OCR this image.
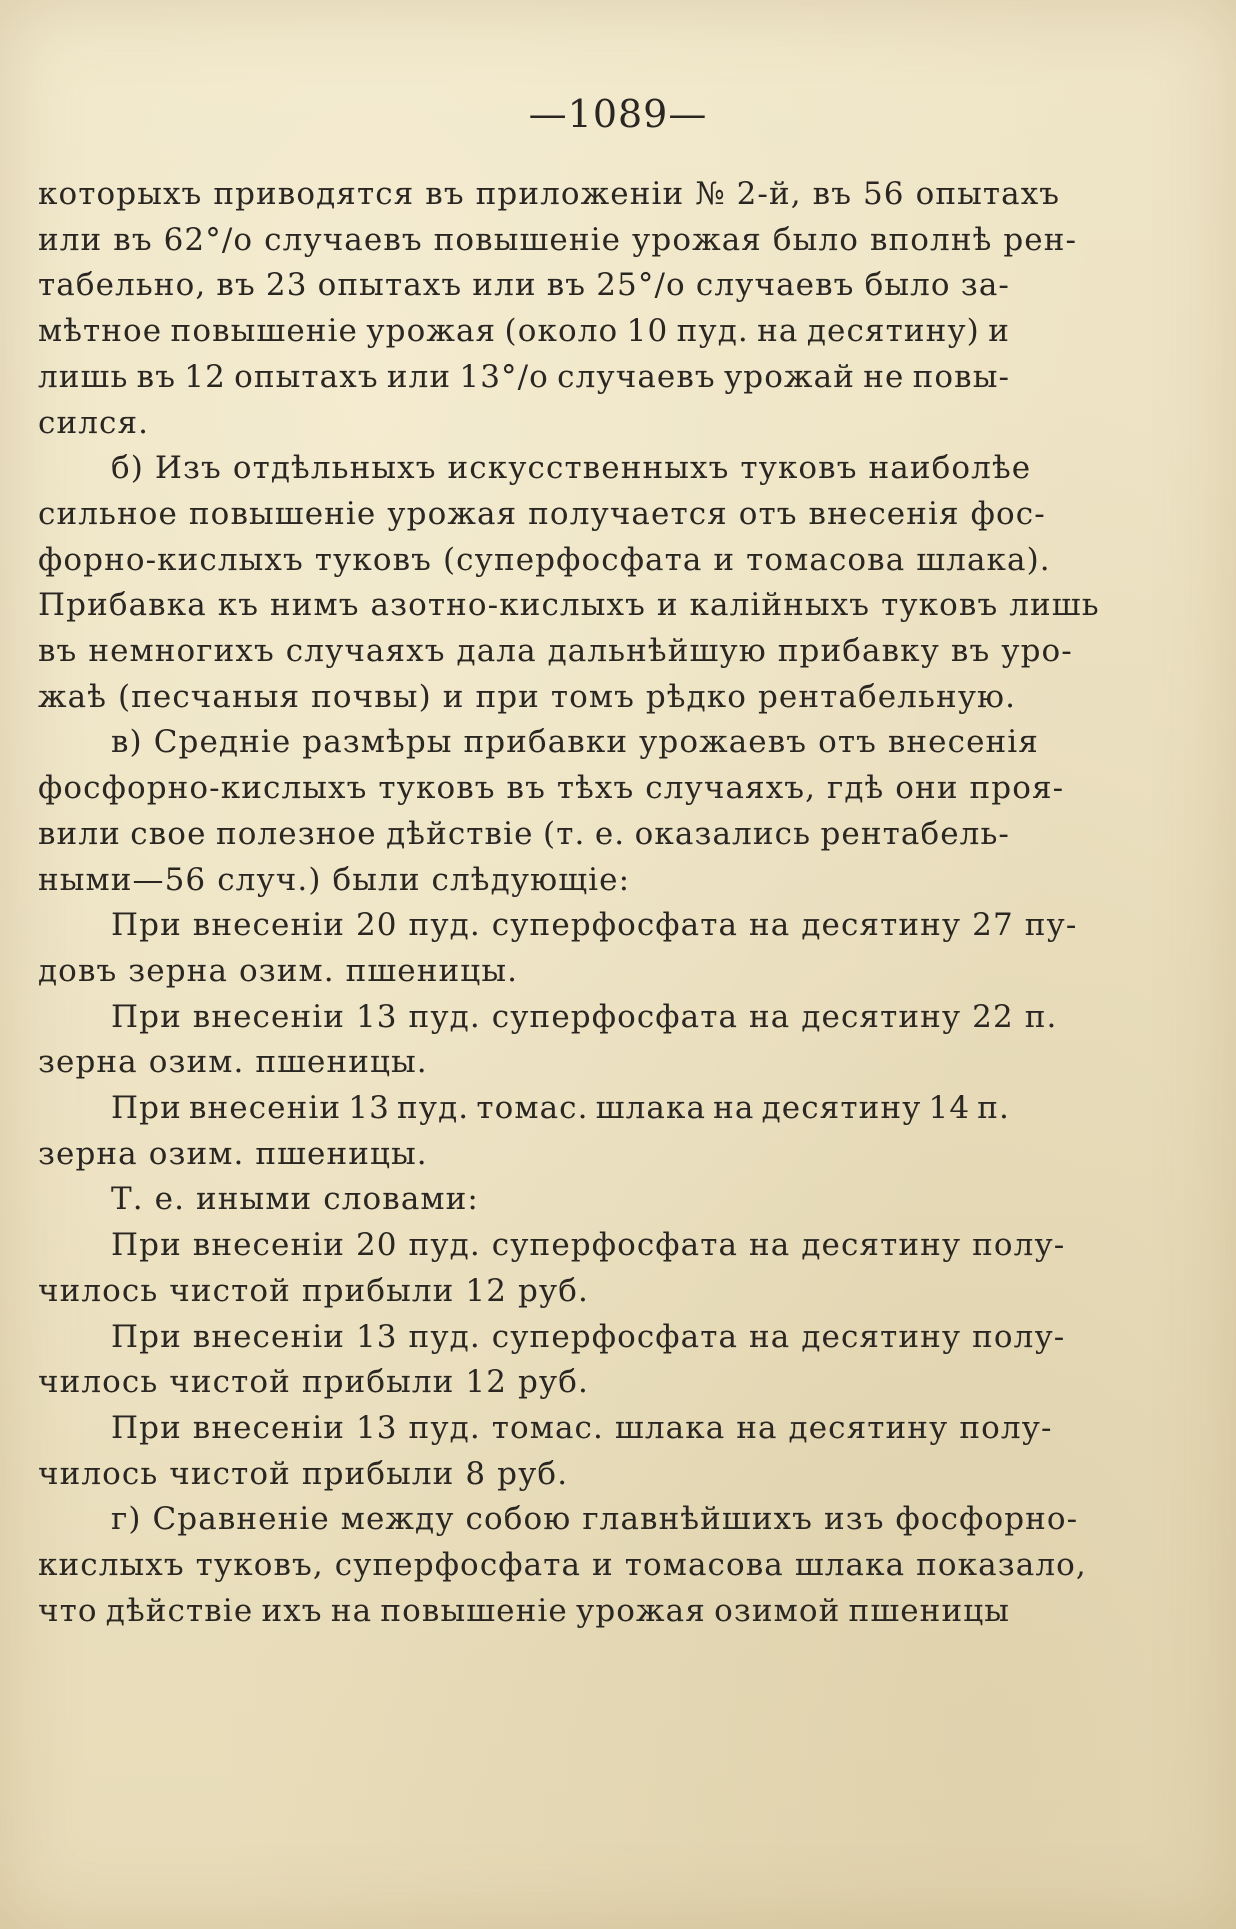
—1089—
которыхъ приводятся въ приложеніи № 2-й, въ 56 опытахъ
или въ 62°/o случаевъ повышеніе урожая было вполнѣ рен-
табельно, въ 23 опытахъ или въ 25°/o случаевъ было за-
мѣтное повышеніе урожая (около 10 пуд. на десятину) и
лишь въ 12 опытахъ или 13°/o случаевъ урожай не повы-
сился.
б) Изъ отдѣльныхъ искусственныхъ туковъ наиболѣе
сильное повышеніе урожая получается отъ внесенія фос-
форно-кислыхъ туковъ (суперфосфата и томасова шлака).
Прибавка къ нимъ азотно-кислыхъ и калійныхъ туковъ лишь
въ немногихъ случаяхъ дала дальнѣйшую прибавку въ уро-
жаѣ (песчаныя почвы) и при томъ рѣдко рентабельную.
в) Средніе размѣры прибавки урожаевъ отъ внесенія
фосфорно-кислыхъ туковъ въ тѣхъ случаяхъ, гдѣ они проя-
вили свое полезное дѣйствіе (т. е. оказались рентабель-
ными—56 случ.) были слѣдующіе:
При внесеніи 20 пуд. суперфосфата на десятину 27 пу-
довъ зерна озим. пшеницы.
При внесеніи 13 пуд. суперфосфата на десятину 22 п.
зерна озим. пшеницы.
При внесеніи 13 пуд. томас. шлака на десятину 14 п.
зерна озим. пшеницы.
Т. е. иными словами:
При внесеніи 20 пуд. суперфосфата на десятину полу-
чилось чистой прибыли 12 руб.
При внесеніи 13 пуд. суперфосфата на десятину полу-
чилось чистой прибыли 12 руб.
При внесеніи 13 пуд. томас. шлака на десятину полу-
чилось чистой прибыли 8 руб.
г) Сравненіе между собою главнѣйшихъ изъ фосфорно-
кислыхъ туковъ, суперфосфата и томасова шлака показало,
что дѣйствіе ихъ на повышеніе урожая озимой пшеницы
